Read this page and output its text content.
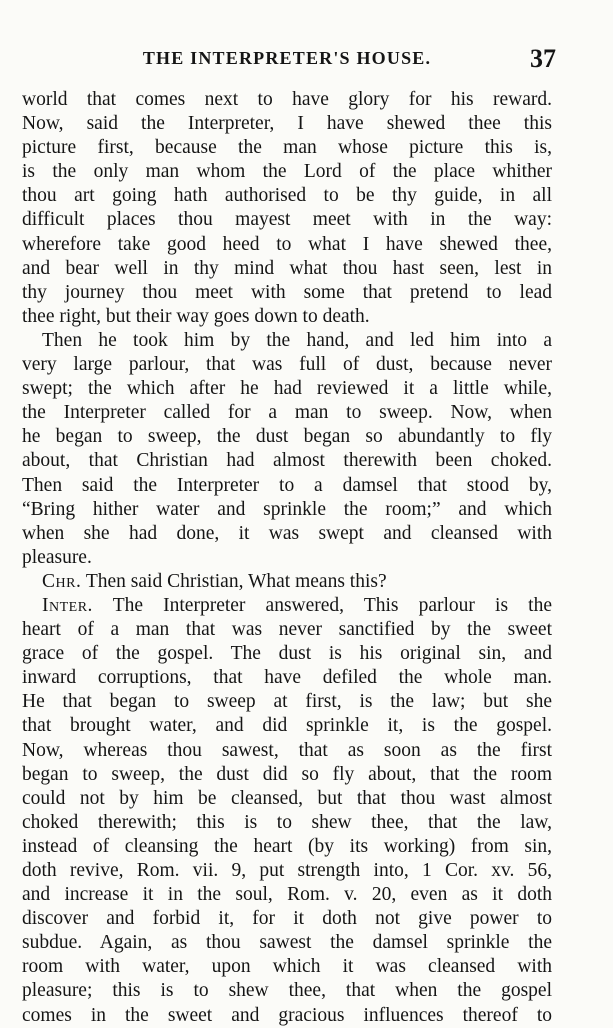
THE INTERPRETER'S HOUSE.	37
world that comes next to have glory for his reward.
Now, said the Interpreter, I have shewed thee this
picture first, because the man whose picture this is,
is the only man whom the Lord of the place whither
thou art going hath authorised to be thy guide, in all
difficult places thou mayest meet with in the way:
wherefore take good heed to what I have shewed thee,
and bear well in thy mind what thou hast seen, lest in
thy journey thou meet with some that pretend to lead
thee right, but their way goes down to death.
Then he took him by the hand, and led him into a
very large parlour, that was full of dust, because never
swept; the which after he had reviewed it a little while,
the Interpreter called for a man to sweep. Now, when
he began to sweep, the dust began so abundantly to fly
about, that Christian had almost therewith been choked.
Then said the Interpreter to a damsel that stood by,
“Bring hither water and sprinkle the room;” and which
when she had done, it was swept and cleansed with
pleasure.
Chr. Then said Christian, What means this?
Inter. The Interpreter answered, This parlour is the
heart of a man that was never sanctified by the sweet
grace of the gospel. The dust is his original sin, and
inward corruptions, that have defiled the whole man.
He that began to sweep at first, is the law; but she
that brought water, and did sprinkle it, is the gospel.
Now, whereas thou sawest, that as soon as the first
began to sweep, the dust did so fly about, that the room
could not by him be cleansed, but that thou wast almost
choked therewith; this is to shew thee, that the law,
instead of cleansing the heart (by its working) from sin,
doth revive, Rom. vii. 9, put strength into, 1 Cor. xv. 56,
and increase it in the soul, Rom. v. 20, even as it doth
discover and forbid it, for it doth not give power to
subdue. Again, as thou sawest the damsel sprinkle the
room with water, upon which it was cleansed with
pleasure; this is to shew thee, that when the gospel
comes in the sweet and gracious influences thereof to
